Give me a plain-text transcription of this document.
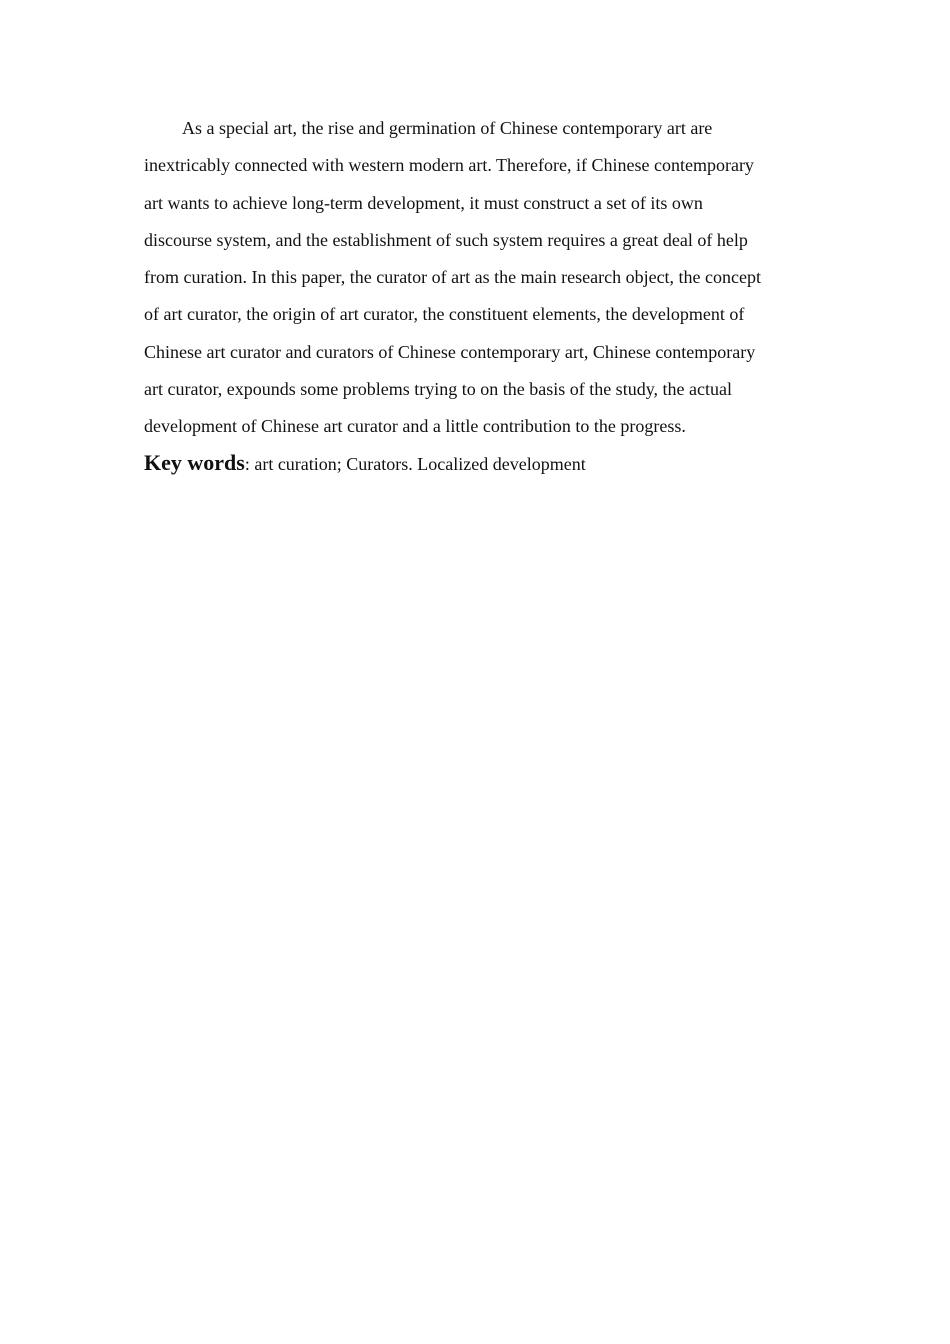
As a special art, the rise and germination of Chinese contemporary art are
inextricably connected with western modern art. Therefore, if Chinese contemporary
art wants to achieve long-term development, it must construct a set of its own
discourse system, and the establishment of such system requires a great deal of help
from curation. In this paper, the curator of art as the main research object, the concept
of art curator, the origin of art curator, the constituent elements, the development of
Chinese art curator and curators of Chinese contemporary art, Chinese contemporary
art curator, expounds some problems trying to on the basis of the study, the actual
development of Chinese art curator and a little contribution to the progress.
Key words: art curation; Curators. Localized development
